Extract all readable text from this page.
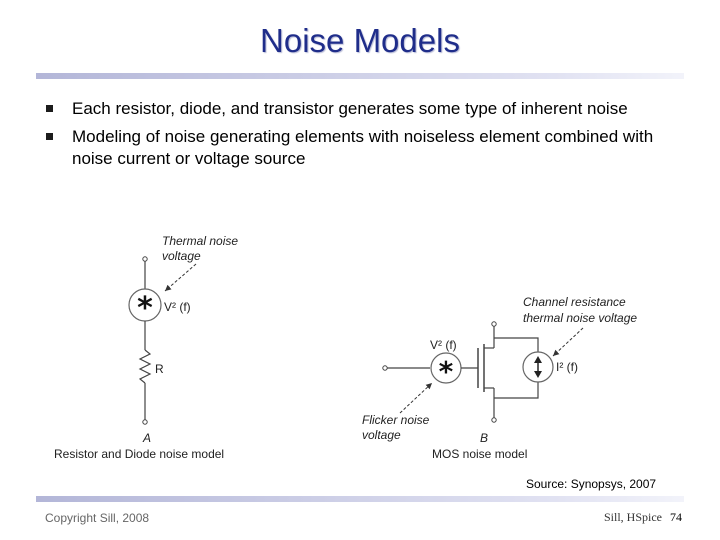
Noise Models
Each resistor, diode, and transistor generates some type of inherent noise
Modeling of noise generating elements with noiseless element combined with noise current or voltage source
*
Thermal noise
voltage
V² (f)
R
A
Resistor and Diode noise model
*
Channel resistance
thermal noise voltage
V² (f)
I² (f)
Flicker noise
voltage	B
MOS noise model
Source: Synopsys, 2007
Copyright Sill, 2008	Sill, HSpice 74
